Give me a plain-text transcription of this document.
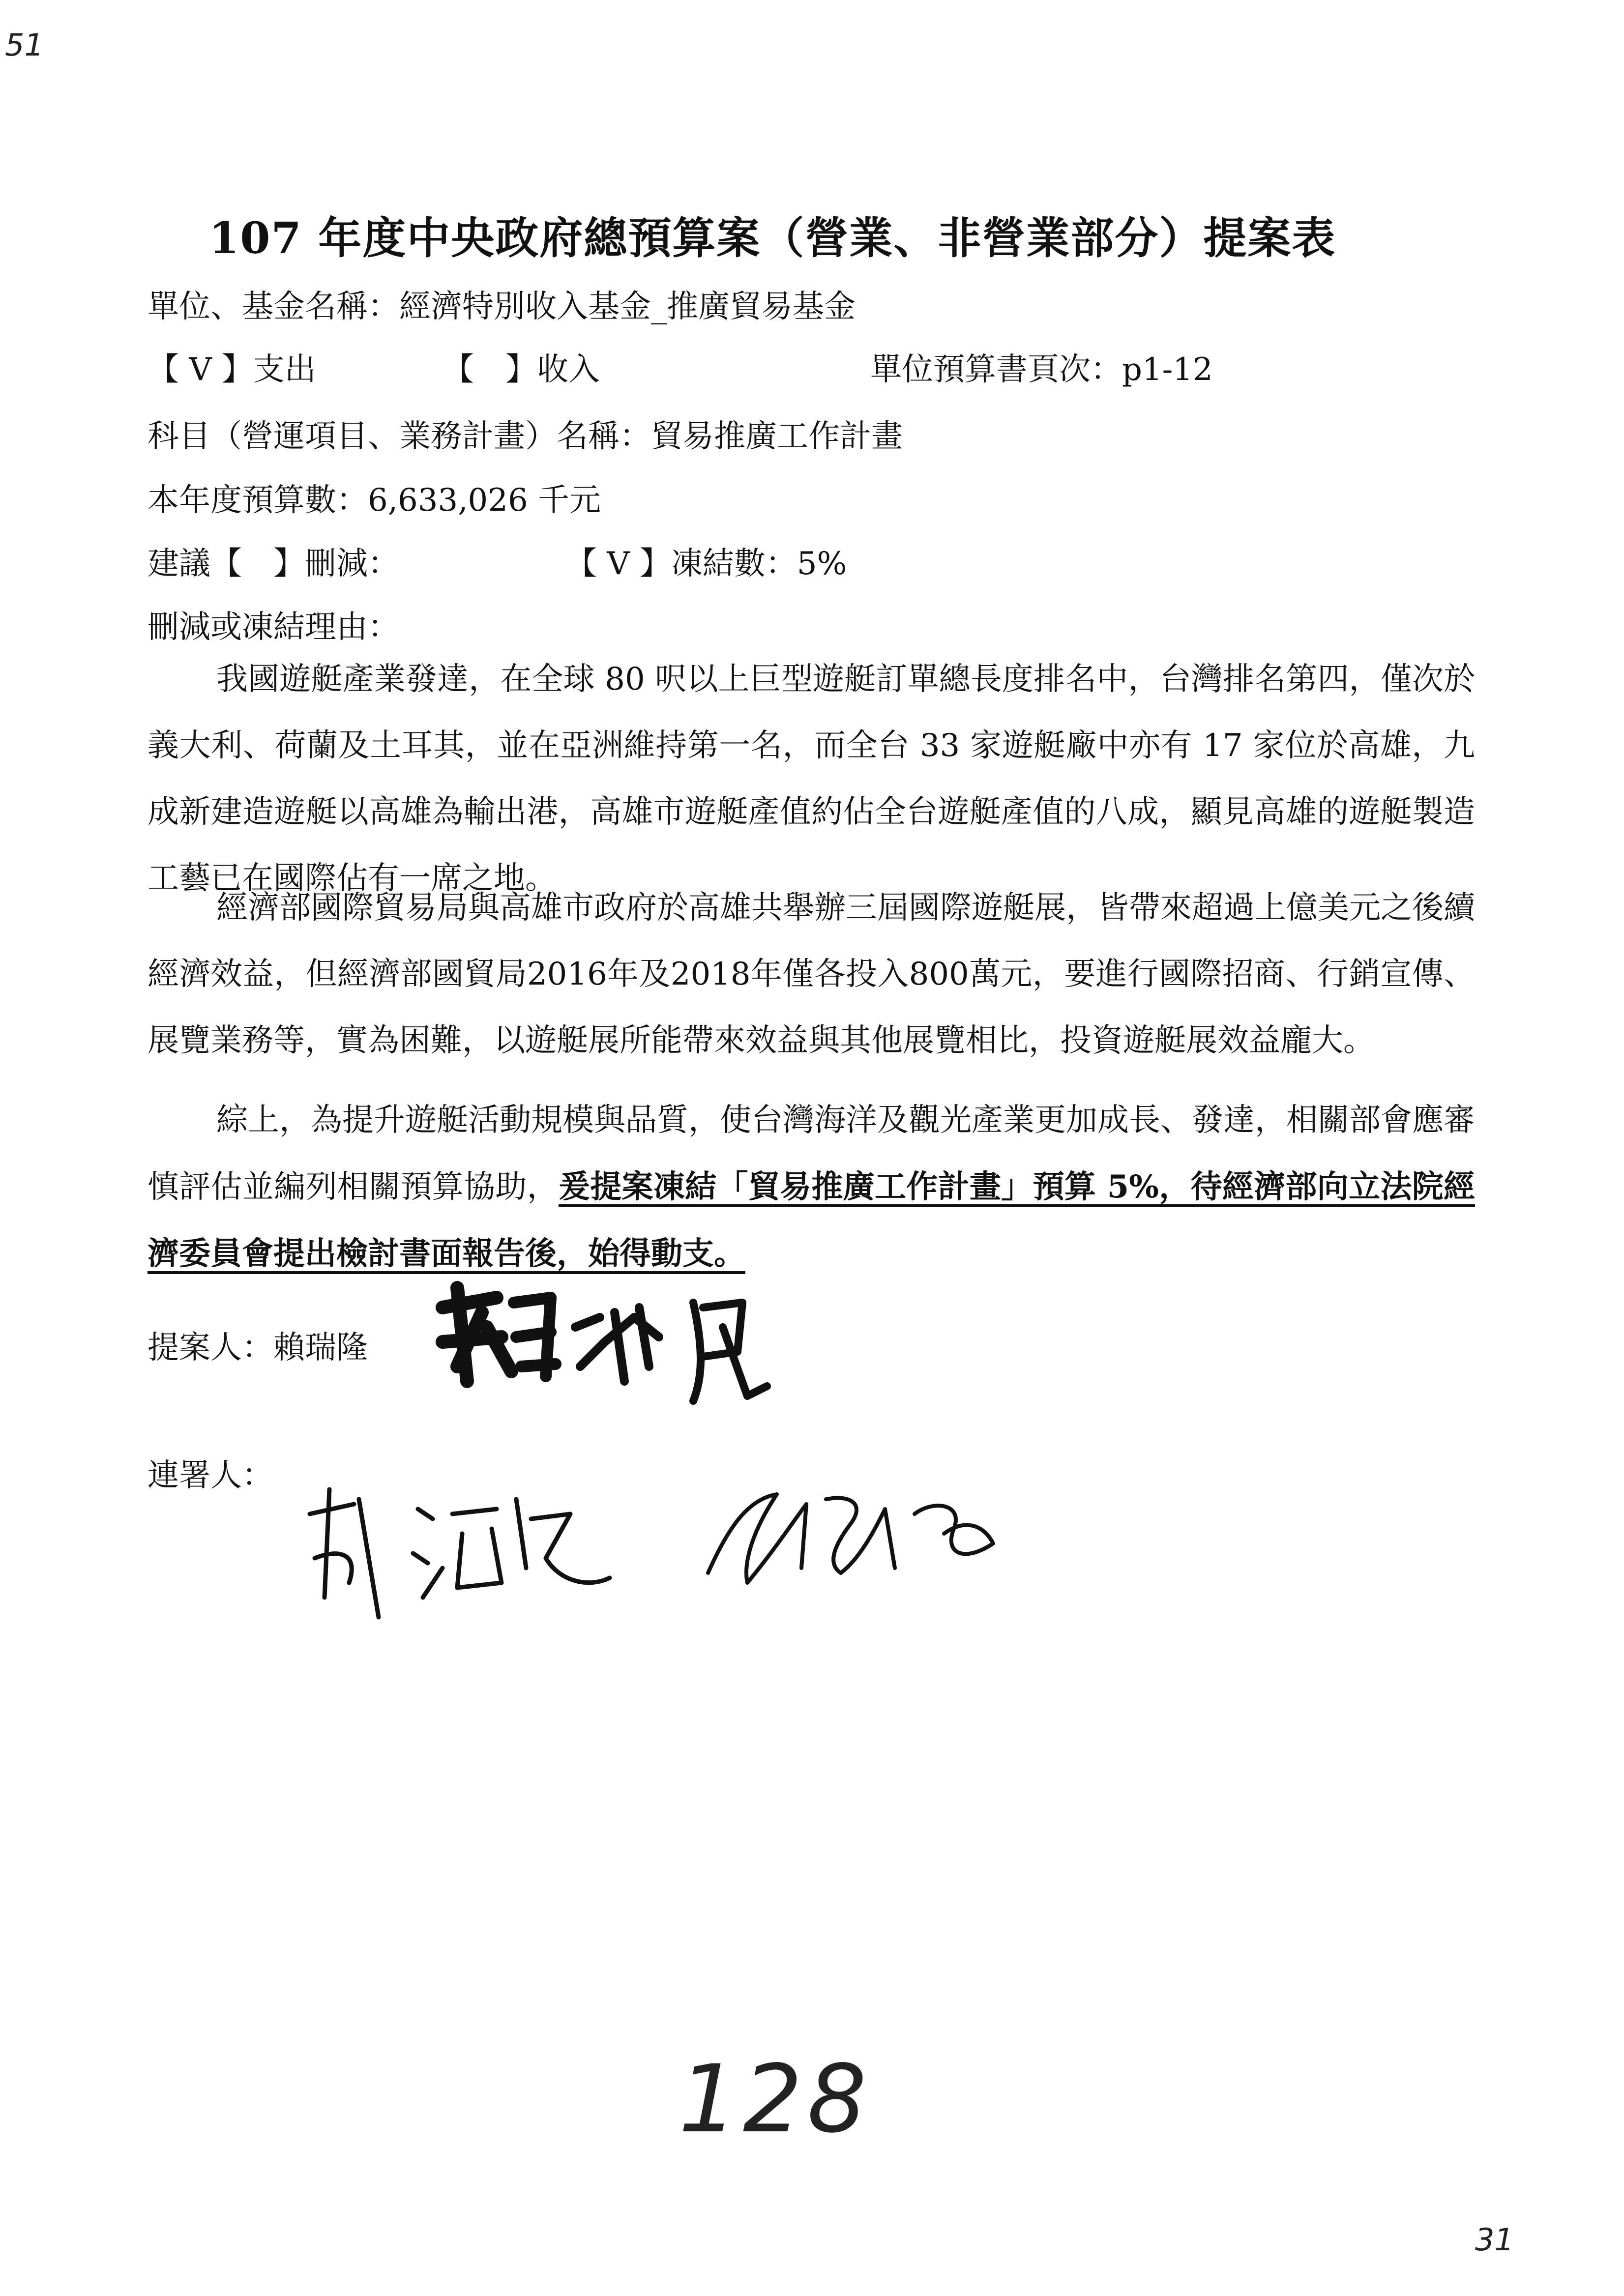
51
107 年度中央政府總預算案（營業、非營業部分）提案表
單位、基金名稱：經濟特別收入基金_推廣貿易基金
【 V 】支出	【　】收入	單位預算書頁次：p1-12
科目（營運項目、業務計畫）名稱：貿易推廣工作計畫
本年度預算數：6,633,026 千元
建議【　】刪減：	【 V 】凍結數：5%
刪減或凍結理由：
我國遊艇產業發達，在全球 80 呎以上巨型遊艇訂單總長度排名中，台灣排名第四，僅次於義大利、荷蘭及土耳其，並在亞洲維持第一名，而全台 33 家遊艇廠中亦有 17 家位於高雄，九成新建造遊艇以高雄為輸出港，高雄市遊艇產值約佔全台遊艇產值的八成，顯見高雄的遊艇製造工藝已在國際佔有一席之地。
經濟部國際貿易局與高雄市政府於高雄共舉辦三屆國際遊艇展，皆帶來超過上億美元之後續經濟效益，但經濟部國貿局2016年及2018年僅各投入800萬元，要進行國際招商、行銷宣傳、展覽業務等，實為困難，以遊艇展所能帶來效益與其他展覽相比，投資遊艇展效益龐大。
綜上，為提升遊艇活動規模與品質，使台灣海洋及觀光產業更加成長、發達，相關部會應審慎評估並編列相關預算協助，爰提案凍結「貿易推廣工作計畫」預算 5%，待經濟部向立法院經濟委員會提出檢討書面報告後，始得動支。
提案人：賴瑞隆
連署人：
128
31
